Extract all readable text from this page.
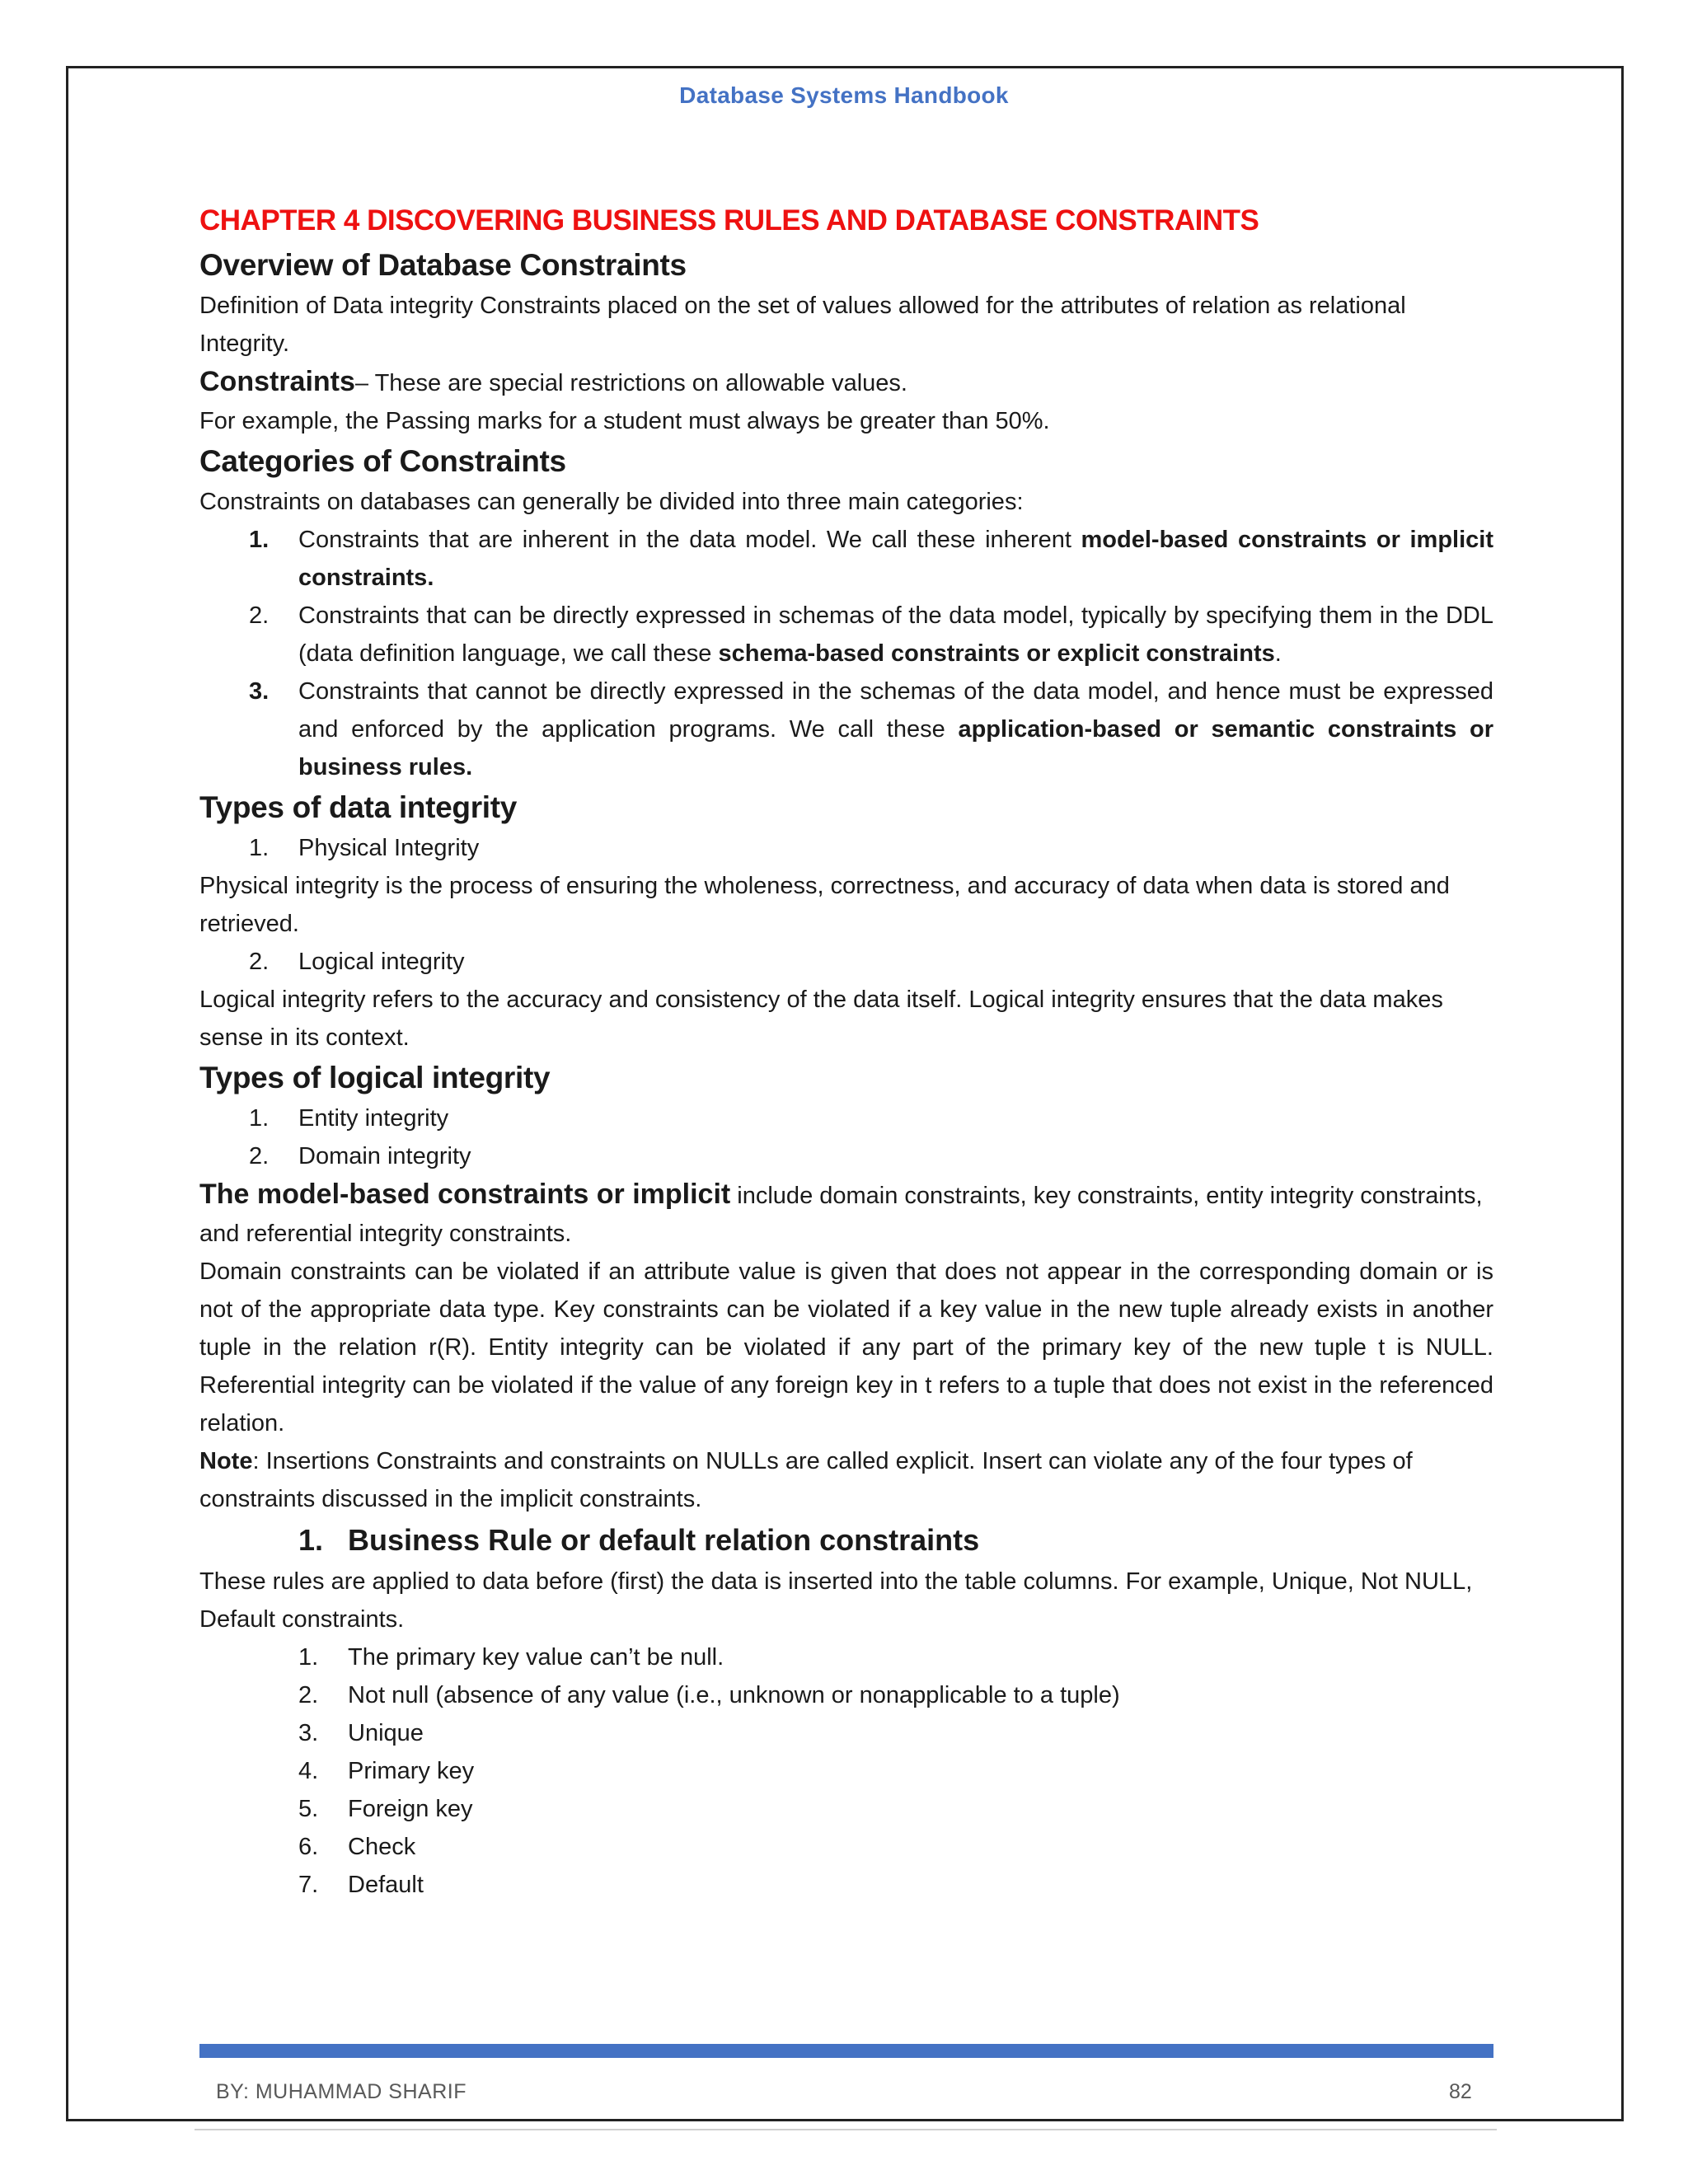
Database Systems Handbook

CHAPTER 4 DISCOVERING BUSINESS RULES AND DATABASE CONSTRAINTS

Overview of Database Constraints

Definition of Data integrity Constraints placed on the set of values allowed for the attributes of relation as relational Integrity.

Constraints– These are special restrictions on allowable values.

For example, the Passing marks for a student must always be greater than 50%.

Categories of Constraints

Constraints on databases can generally be divided into three main categories:

1. Constraints that are inherent in the data model. We call these inherent model-based constraints or implicit constraints.
2. Constraints that can be directly expressed in schemas of the data model, typically by specifying them in the DDL (data definition language, we call these schema-based constraints or explicit constraints.
3. Constraints that cannot be directly expressed in the schemas of the data model, and hence must be expressed and enforced by the application programs. We call these application-based or semantic constraints or business rules.

Types of data integrity

1. Physical Integrity

Physical integrity is the process of ensuring the wholeness, correctness, and accuracy of data when data is stored and retrieved.

2. Logical integrity

Logical integrity refers to the accuracy and consistency of the data itself. Logical integrity ensures that the data makes sense in its context.

Types of logical integrity

1. Entity integrity
2. Domain integrity

The model-based constraints or implicit include domain constraints, key constraints, entity integrity constraints, and referential integrity constraints.

Domain constraints can be violated if an attribute value is given that does not appear in the corresponding domain or is not of the appropriate data type. Key constraints can be violated if a key value in the new tuple already exists in another tuple in the relation r(R). Entity integrity can be violated if any part of the primary key of the new tuple t is NULL. Referential integrity can be violated if the value of any foreign key in t refers to a tuple that does not exist in the referenced relation.

Note: Insertions Constraints and constraints on NULLs are called explicit. Insert can violate any of the four types of constraints discussed in the implicit constraints.

1. Business Rule or default relation constraints

These rules are applied to data before (first) the data is inserted into the table columns. For example, Unique, Not NULL, Default constraints.

1. The primary key value can’t be null.
2. Not null (absence of any value (i.e., unknown or nonapplicable to a tuple)
3. Unique
4. Primary key
5. Foreign key
6. Check
7. Default
BY: MUHAMMAD SHARIF	82
